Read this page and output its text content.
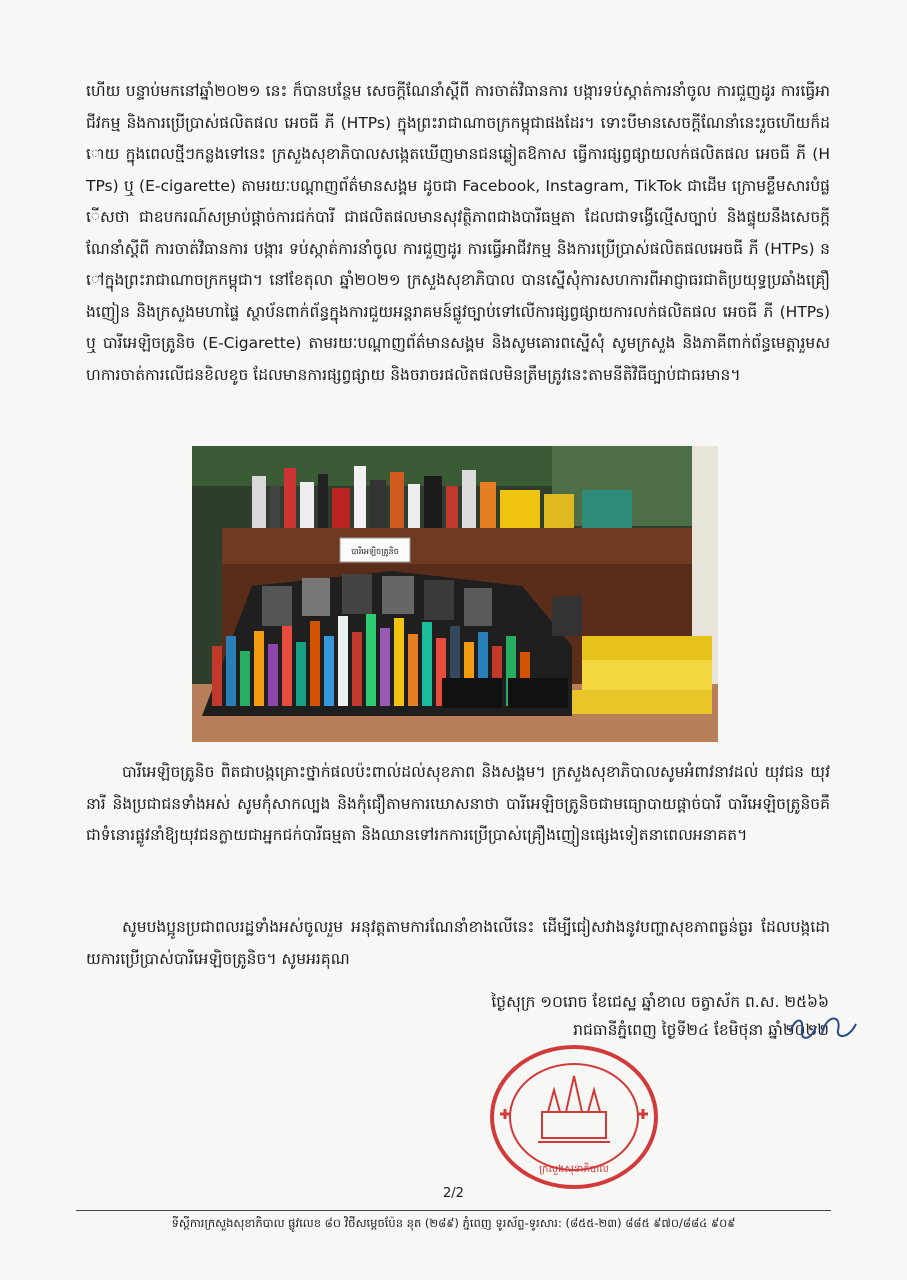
ហើយ បន្ទាប់មកនៅឆ្នាំ២០២១ នេះ ក៏បានបន្ថែម សេចក្ដីណែនាំស្ដីពី ការចាត់វិធានការ បង្ការទប់ស្កាត់ការនាំចូល ការជួញដូរ ការធ្វើអាជីវកម្ម និងការប្រើប្រាស់ផលិតផល អេចធី ភី (HTPs) ក្នុងព្រះរាជាណាចក្រកម្ពុជាផងដែរ។ ទោះបីមានសេចក្ដីណែនាំនេះរួចហើយក៏ដោយ ក្នុងពេលថ្មីៗកន្លងទៅនេះ ក្រសួងសុខាភិបាលសង្កេតឃើញមានជនឆ្លៀតឱកាស ធ្វើការផ្សព្វផ្សាយលក់ផលិតផល អេចធី ភី (HTPs) ឬ (E-cigarette) តាមរយៈបណ្ដាញព័ត៌មានសង្គម ដូចជា Facebook, Instagram, TikTok ជាដើម ក្រោមខ្លឹមសារបំផ្លើសថា ជាឧបករណ៍សម្រាប់ផ្ដាច់ការជក់បារី ជាផលិតផលមានសុវត្ថិភាពជាងបារីធម្មតា ដែលជាទង្វើល្មើសច្បាប់ និងផ្ទុយនឹងសេចក្ដីណែនាំស្ដីពី ការចាត់វិធានការ បង្ការ ទប់ស្កាត់ការនាំចូល ការជួញដូរ ការធ្វើអាជីវកម្ម និងការប្រើប្រាស់ផលិតផលអេចធី ភី (HTPs) នៅក្នុងព្រះរាជាណាចក្រកម្ពុជា។ នៅខែតុលា ឆ្នាំ២០២១ ក្រសួងសុខាភិបាល បានស្នើសុំការសហការពីអាជ្ញាធរជាតិប្រយុទ្ធប្រឆាំងគ្រឿងញៀន និងក្រសួងមហាផ្ទៃ ស្ថាប័នពាក់ព័ន្ធក្នុងការជួយអន្តរាគមន៍ផ្លូវច្បាប់ទៅលើការផ្សព្វផ្សាយការលក់ផលិតផល អេចធី ភី (HTPs) ឬ បារីអេឡិចត្រូនិច (E-Cigarette) តាមរយៈបណ្ដាញព័ត៌មានសង្គម និងសូមគោរពស្នើសុំ សូមក្រសួង និងភាគីពាក់ព័ន្ធមេត្តារួមសហការចាត់ការលើជនខិលខូច ដែលមានការផ្សព្វផ្សាយ និងចរាចរផលិតផលមិនត្រឹមត្រូវនេះតាមនីតិវិធីច្បាប់ជាធរមាន។
បារីអេឡិចត្រូនិច
បារីអេឡិចត្រូនិច ពិតជាបង្កគ្រោះថ្នាក់ផលប៉ះពាល់ដល់សុខភាព និងសង្គម។ ក្រសួងសុខាភិបាលសូមអំពាវនាវដល់ យុវជន យុវនារី និងប្រជាជនទាំងអស់ សូមកុំសាកល្បង និងកុំជឿតាមការឃោសនាថា បារីអេឡិចត្រូនិចជាមធ្យោបាយផ្ដាច់បារី បារីអេឡិចត្រូនិចគឺជាទំនោរផ្លូវនាំឱ្យយុវជនក្លាយជាអ្នកជក់បារីធម្មតា និងឈានទៅរកការប្រើប្រាស់គ្រឿងញៀនផ្សេងទៀតនាពេលអនាគត។
សូមបងប្អូនប្រជាពលរដ្ឋទាំងអស់ចូលរួម អនុវត្តតាមការណែនាំខាងលើនេះ ដើម្បីជៀសវាងនូវបញ្ហាសុខភាពធ្ងន់ធ្ងរ ដែលបង្កដោយការប្រើប្រាស់បារីអេឡិចត្រូនិច។ សូមអរគុណ
ថ្ងៃសុក្រ ១០រោច ខែជេស្ឋ ឆ្នាំខាល ចត្វាស័ក ព.ស. ២៥៦៦
រាជធានីភ្នំពេញ ថ្ងៃទី២៤ ខែមិថុនា ឆ្នាំ២០២២
ក្រសួងសុខាភិបាល
2/2
ទីស្ដីការក្រសួងសុខាភិបាល ផ្លូវលេខ ៨០ វិថីសម្ដេចប៉ែន នុត (២៨៩) ភ្នំពេញ ទូរស័ព្ទ-ទូរសារ: (៨៥៥-២៣) ៨៨៥ ៩៧០/៨៨៤ ៩០៩
